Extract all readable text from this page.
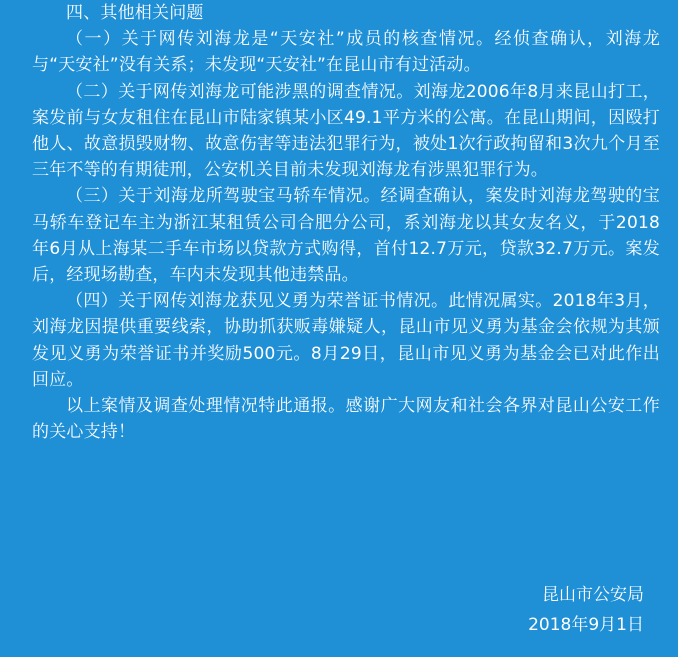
四、其他相关问题

（一）关于网传刘海龙是“天安社”成员的核查情况。经侦查确认，刘海龙与“天安社”没有关系；未发现“天安社”在昆山市有过活动。

（二）关于网传刘海龙可能涉黑的调查情况。刘海龙2006年8月来昆山打工，案发前与女友租住在昆山市陆家镇某小区49.1平方米的公寓。在昆山期间，因殴打他人、故意损毁财物、故意伤害等违法犯罪行为，被处1次行政拘留和3次九个月至三年不等的有期徒刑，公安机关目前未发现刘海龙有涉黑犯罪行为。

（三）关于刘海龙所驾驶宝马轿车情况。经调查确认，案发时刘海龙驾驶的宝马轿车登记车主为浙江某租赁公司合肥分公司，系刘海龙以其女友名义，于2018年6月从上海某二手车市场以贷款方式购得，首付12.7万元，贷款32.7万元。案发后，经现场勘查，车内未发现其他违禁品。

（四）关于网传刘海龙获见义勇为荣誉证书情况。此情况属实。2018年3月，刘海龙因提供重要线索，协助抓获贩毒嫌疑人，昆山市见义勇为基金会依规为其颁发见义勇为荣誉证书并奖励500元。8月29日，昆山市见义勇为基金会已对此作出回应。

以上案情及调查处理情况特此通报。感谢广大网友和社会各界对昆山公安工作的关心支持！

昆山市公安局
2018年9月1日
